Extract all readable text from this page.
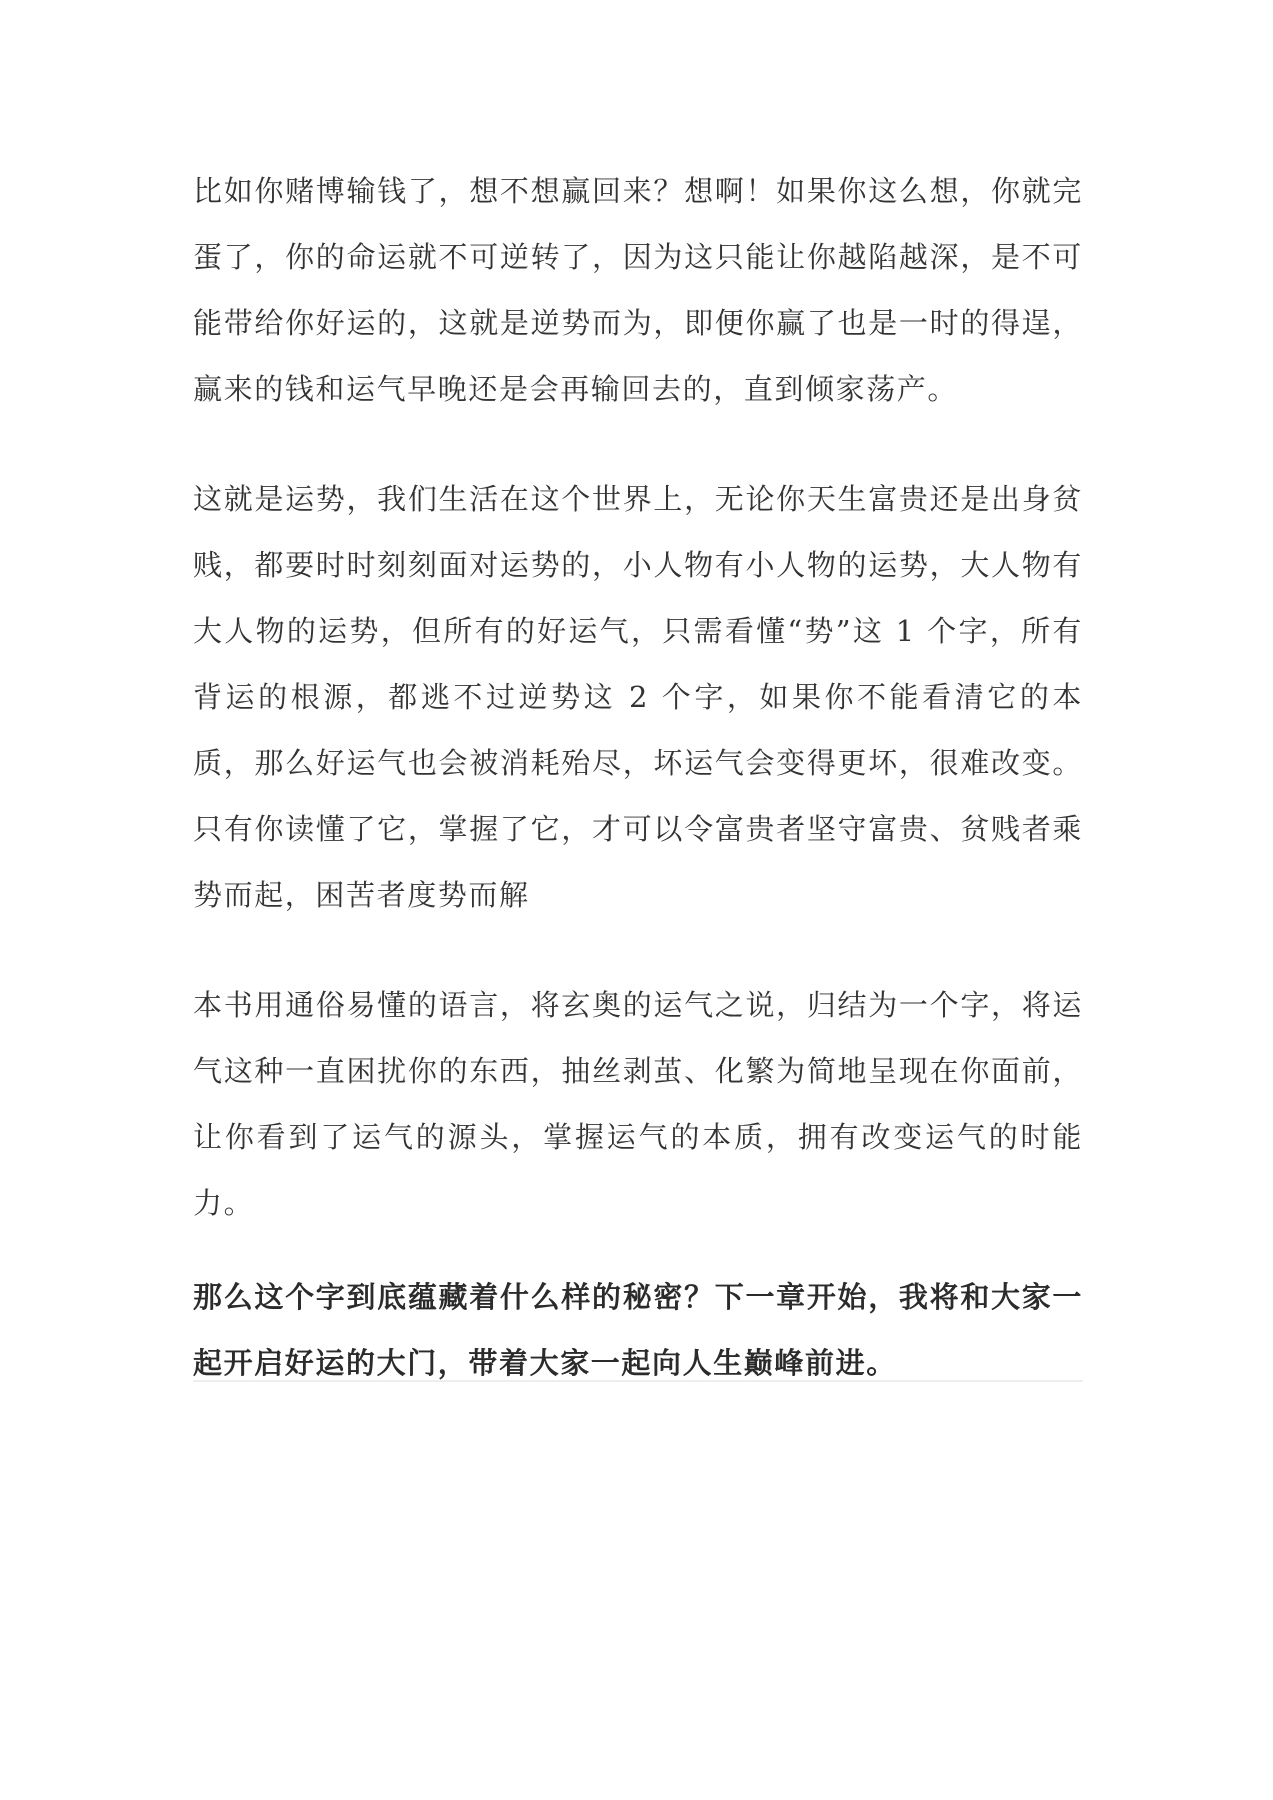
比如你赌博输钱了，想不想赢回来？想啊！如果你这么想，你就完蛋了，你的命运就不可逆转了，因为这只能让你越陷越深，是不可能带给你好运的，这就是逆势而为，即便你赢了也是一时的得逞，赢来的钱和运气早晚还是会再输回去的，直到倾家荡产。

这就是运势，我们生活在这个世界上，无论你天生富贵还是出身贫贱，都要时时刻刻面对运势的，小人物有小人物的运势，大人物有大人物的运势，但所有的好运气，只需看懂“势”这 1 个字，所有背运的根源，都逃不过逆势这 2 个字，如果你不能看清它的本质，那么好运气也会被消耗殆尽，坏运气会变得更坏，很难改变。只有你读懂了它，掌握了它，才可以令富贵者坚守富贵、贫贱者乘势而起，困苦者度势而解

本书用通俗易懂的语言，将玄奥的运气之说，归结为一个字，将运气这种一直困扰你的东西，抽丝剥茧、化繁为简地呈现在你面前，让你看到了运气的源头，掌握运气的本质，拥有改变运气的时能力。

那么这个字到底蕴藏着什么样的秘密？下一章开始，我将和大家一起开启好运的大门，带着大家一起向人生巅峰前进。
